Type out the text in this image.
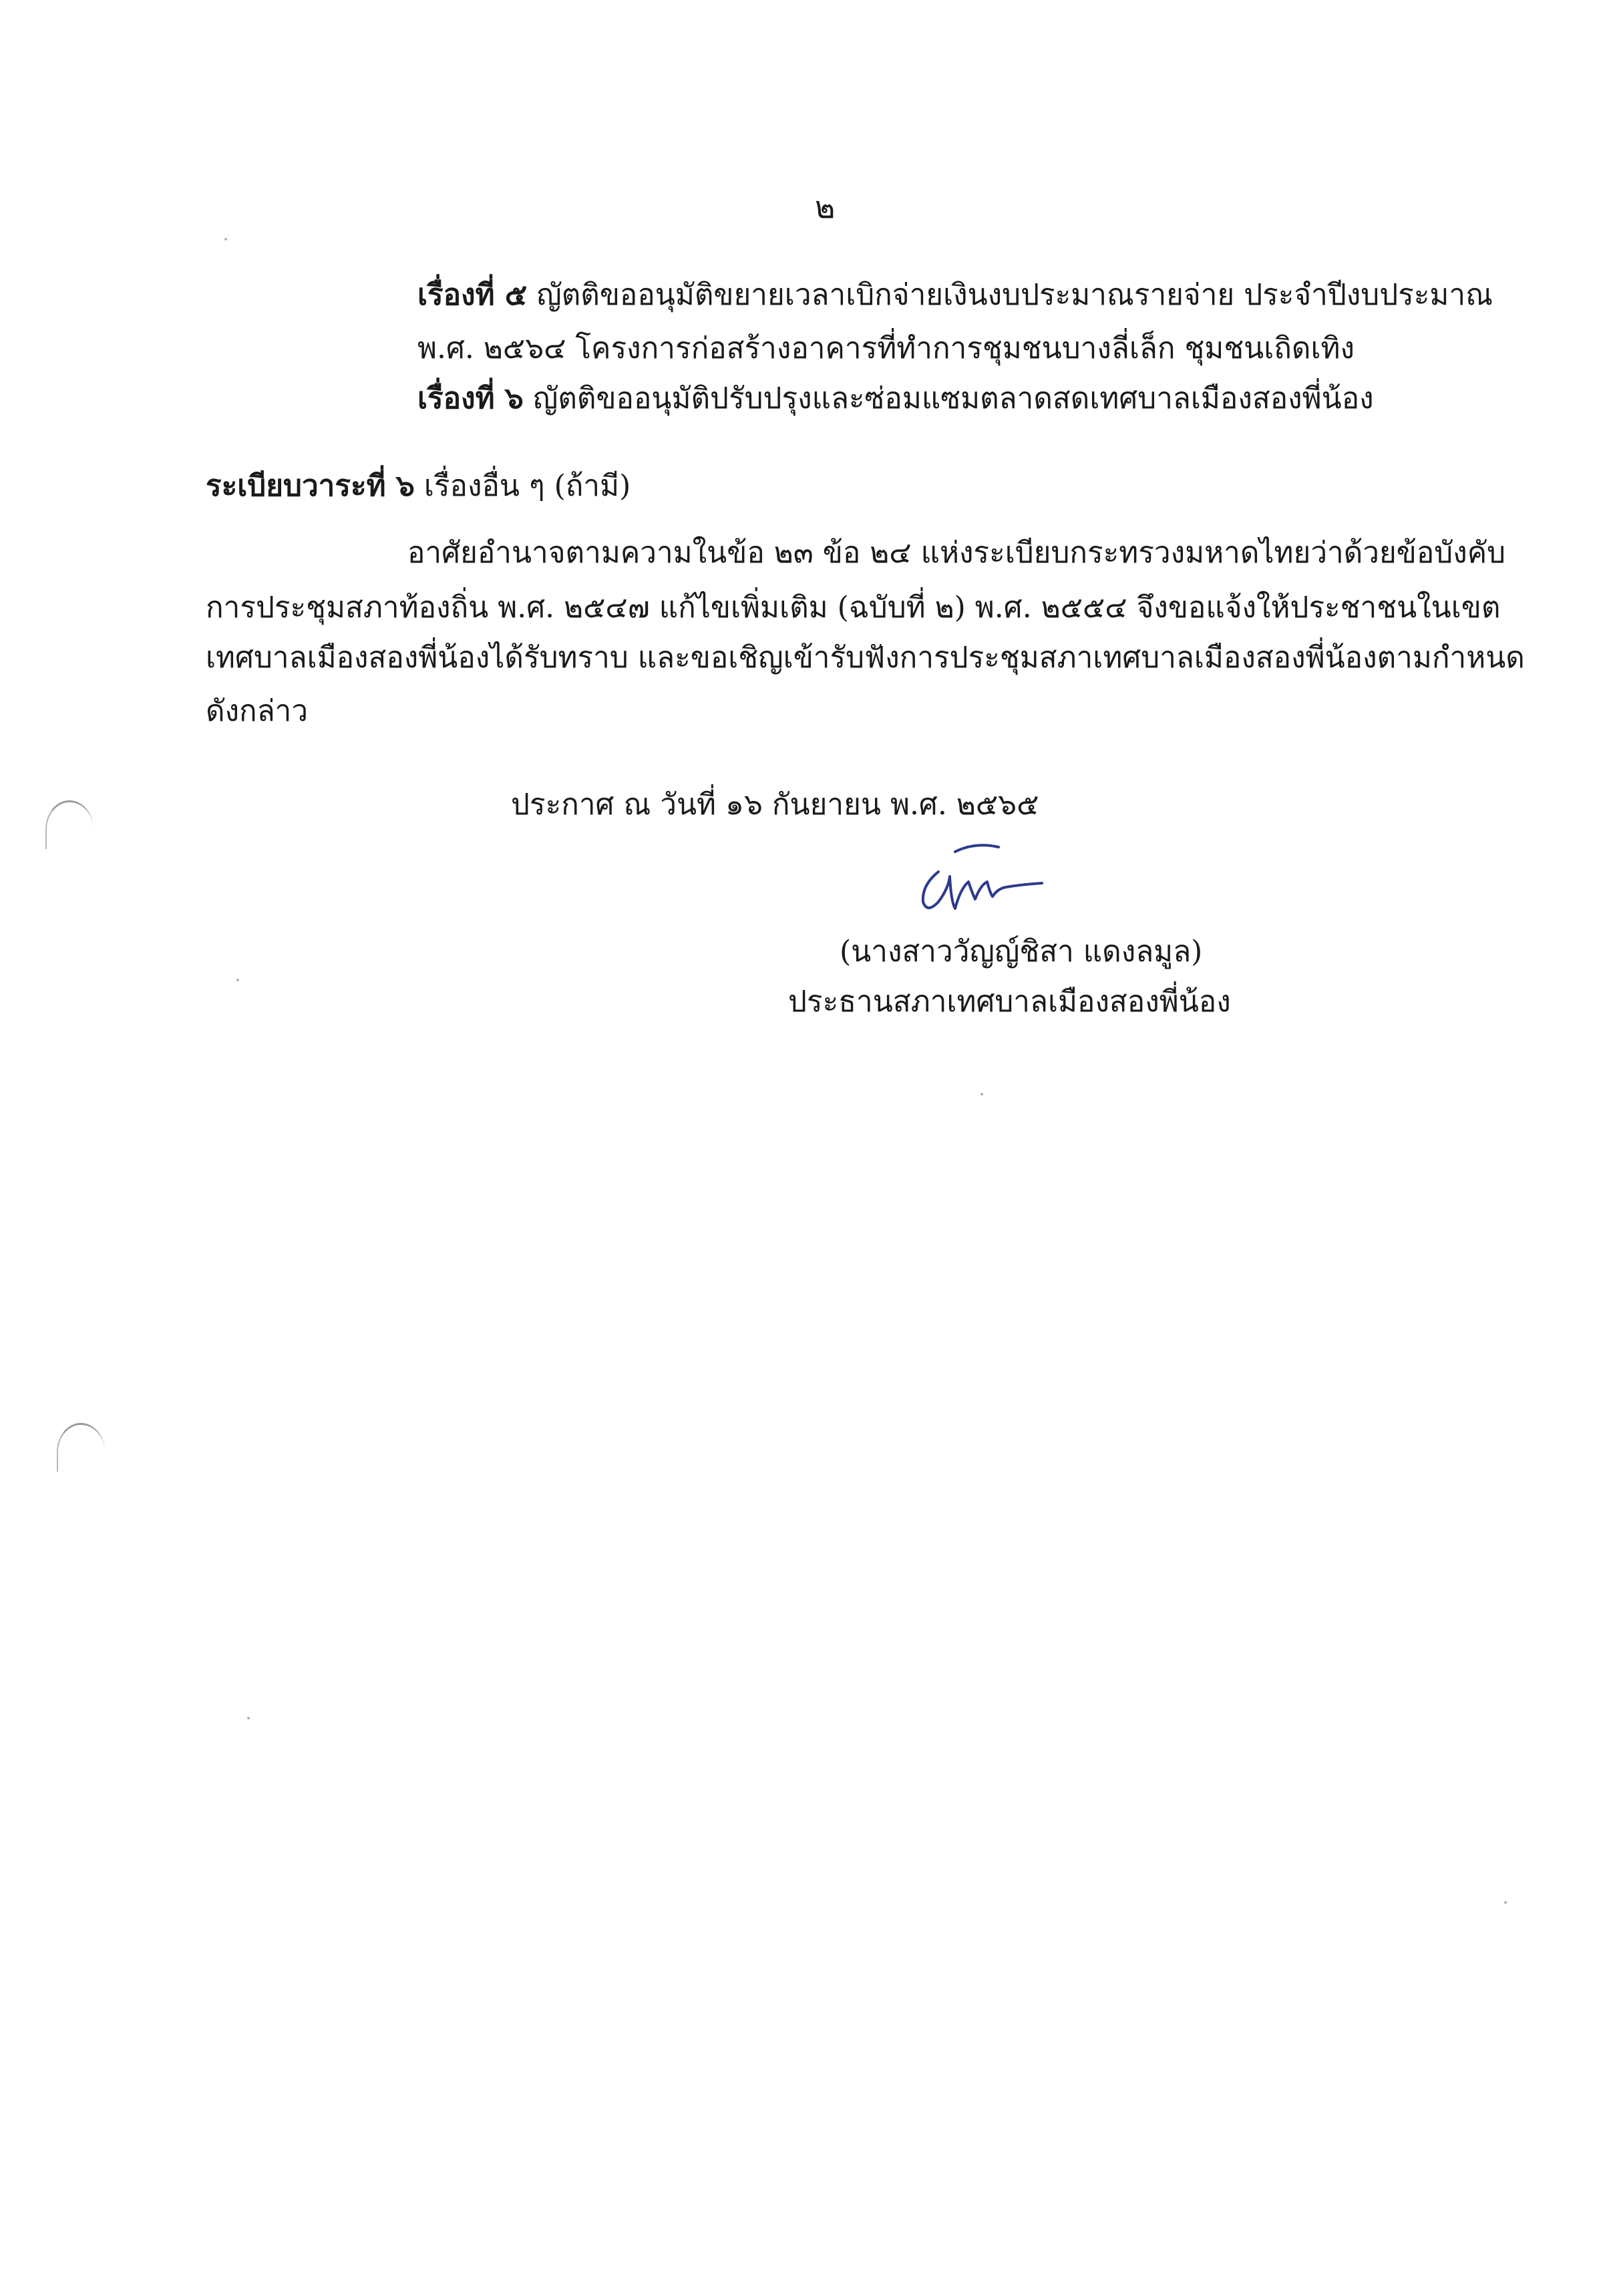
๒
เรื่องที่ ๕ ญัตติขออนุมัติขยายเวลาเบิกจ่ายเงินงบประมาณรายจ่าย ประจำปีงบประมาณ
พ.ศ. ๒๕๖๔ โครงการก่อสร้างอาคารที่ทำการชุมชนบางลี่เล็ก ชุมชนเถิดเทิง
เรื่องที่ ๖ ญัตติขออนุมัติปรับปรุงและซ่อมแซมตลาดสดเทศบาลเมืองสองพี่น้อง
ระเบียบวาระที่ ๖ เรื่องอื่น ๆ (ถ้ามี)
อาศัยอำนาจตามความในข้อ ๒๓ ข้อ ๒๔ แห่งระเบียบกระทรวงมหาดไทยว่าด้วยข้อบังคับ
การประชุมสภาท้องถิ่น พ.ศ. ๒๕๔๗ แก้ไขเพิ่มเติม (ฉบับที่ ๒) พ.ศ. ๒๕๕๔ จึงขอแจ้งให้ประชาชนในเขต
เทศบาลเมืองสองพี่น้องได้รับทราบ และขอเชิญเข้ารับฟังการประชุมสภาเทศบาลเมืองสองพี่น้องตามกำหนด
ดังกล่าว
ประกาศ ณ วันที่ ๑๖ กันยายน พ.ศ. ๒๕๖๕
(นางสาววัญญ์ชิสา แดงลมูล)
ประธานสภาเทศบาลเมืองสองพี่น้อง
